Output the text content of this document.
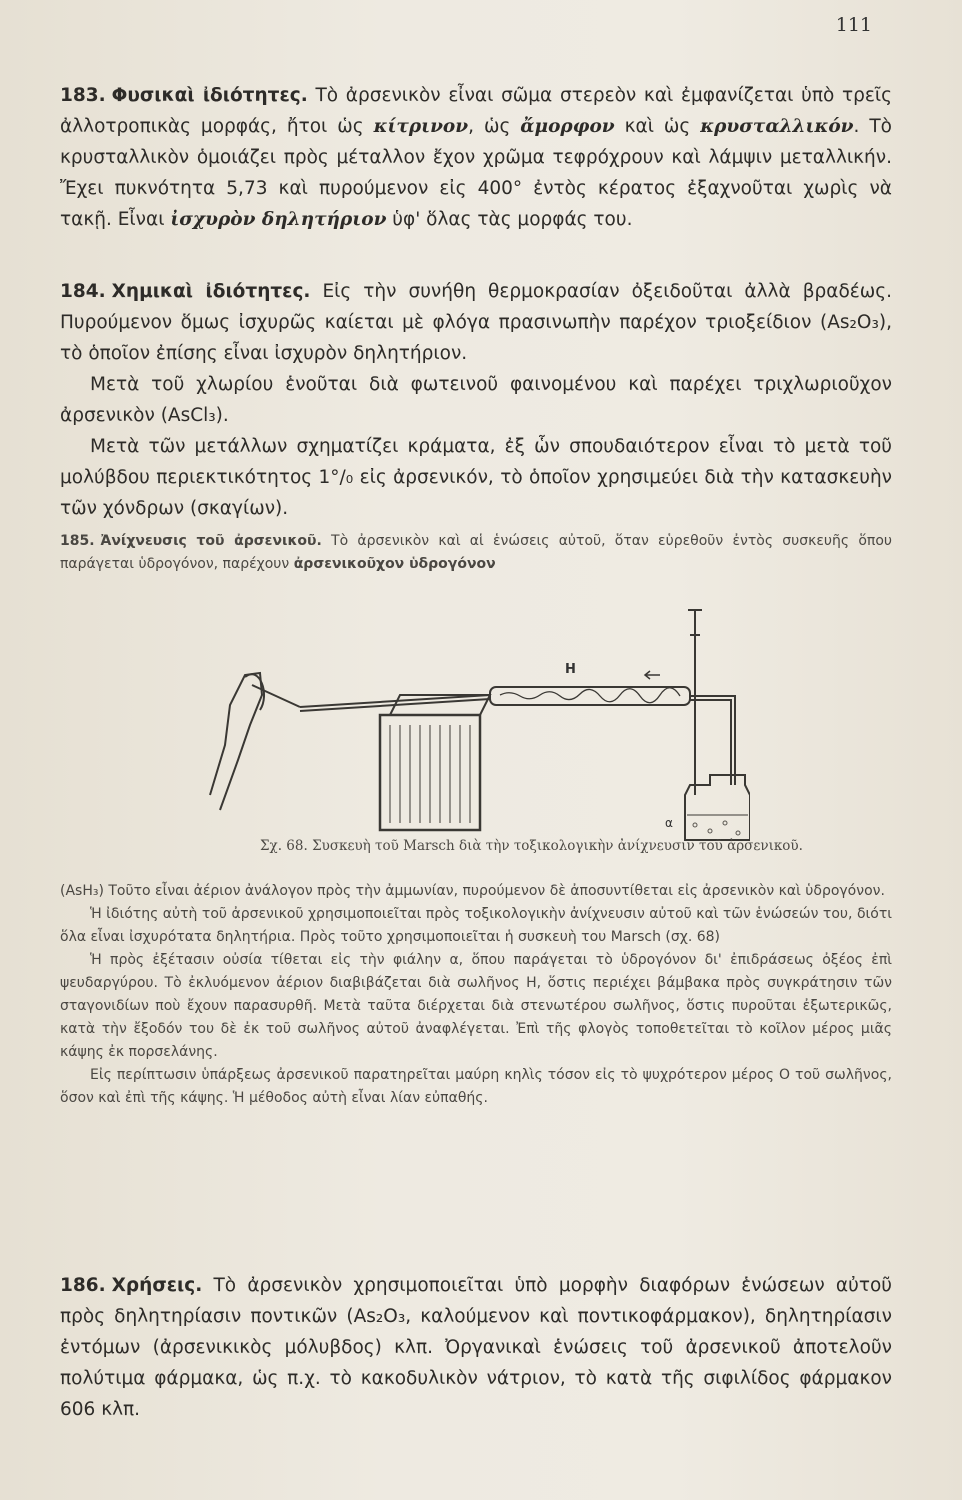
111

183. Φυσικαὶ ἰδιότητες. Τὸ ἀρσενικὸν εἶναι σῶμα στερεὸν καὶ ἐμφανίζεται ὑπὸ τρεῖς ἀλλοτροπικὰς μορφάς, ἤτοι ὡς κίτρινον, ὡς ἄμορφον καὶ ὡς κρυσταλλικόν. Τὸ κρυσταλλικὸν ὁμοιάζει πρὸς μέταλλον ἔχον χρῶμα τεφρόχρουν καὶ λάμψιν μεταλλικήν. Ἔχει πυκνότητα 5,73 καὶ πυρούμενον εἰς 400° ἐντὸς κέρατος ἐξαχνοῦται χωρὶς νὰ τακῇ. Εἶναι ἰσχυρὸν δηλητήριον ὑφ' ὅλας τὰς μορφάς του.

184. Χημικαὶ ἰδιότητες. Εἰς τὴν συνήθη θερμοκρασίαν ὀξειδοῦται ἀλλὰ βραδέως. Πυρούμενον ὅμως ἰσχυρῶς καίεται μὲ φλόγα πρασινωπὴν παρέχον τριοξείδιον (As₂O₃), τὸ ὁποῖον ἐπίσης εἶναι ἰσχυρὸν δηλητήριον.

Μετὰ τοῦ χλωρίου ἑνοῦται διὰ φωτεινοῦ φαινομένου καὶ παρέχει τριχλωριοῦχον ἀρσενικὸν (AsCl₃).

Μετὰ τῶν μετάλλων σχηματίζει κράματα, ἐξ ὧν σπουδαιότερον εἶναι τὸ μετὰ τοῦ μολύβδου περιεκτικότητος 1°/₀ εἰς ἀρσενικόν, τὸ ὁποῖον χρησιμεύει διὰ τὴν κατασκευὴν τῶν χόνδρων (σκαγίων).

185. Ἀνίχνευσις τοῦ ἀρσενικοῦ. Τὸ ἀρσενικὸν καὶ αἱ ἑνώσεις αὐτοῦ, ὅταν εὑρεθοῦν ἐντὸς συσκευῆς ὅπου παράγεται ὑδρογόνον, παρέχουν ἀρσενικοῦχον ὑδρογόνον

Η
α
Σχ. 68. Συσκευὴ τοῦ Marsch διὰ τὴν τοξικολογικὴν ἀνίχνευσιν τοῦ ἀρσενικοῦ.

(AsH₃) Τοῦτο εἶναι ἀέριον ἀνάλογον πρὸς τὴν ἀμμωνίαν, πυρούμενον δὲ ἀποσυντίθεται εἰς ἀρσενικὸν καὶ ὑδρογόνον.

Ἡ ἰδιότης αὐτὴ τοῦ ἀρσενικοῦ χρησιμοποιεῖται πρὸς τοξικολογικὴν ἀνίχνευσιν αὐτοῦ καὶ τῶν ἑνώσεών του, διότι ὅλα εἶναι ἰσχυρότατα δηλητήρια. Πρὸς τοῦτο χρησιμοποιεῖται ἡ συσκευὴ του Marsch (σχ. 68)

Ἡ πρὸς ἐξέτασιν οὐσία τίθεται εἰς τὴν φιάλην α, ὅπου παράγεται τὸ ὑδρογόνον δι' ἐπιδράσεως ὀξέος ἐπὶ ψευδαργύρου. Τὸ ἐκλυόμενον ἀέριον διαβιβάζεται διὰ σωλῆνος Η, ὅστις περιέχει βάμβακα πρὸς συγκράτησιν τῶν σταγονιδίων ποὺ ἔχουν παρασυρθῆ. Μετὰ ταῦτα διέρχεται διὰ στενωτέρου σωλῆνος, ὅστις πυροῦται ἐξωτερικῶς, κατὰ τὴν ἔξοδόν του δὲ ἐκ τοῦ σωλῆνος αὐτοῦ ἀναφλέγεται. Ἐπὶ τῆς φλογὸς τοποθετεῖται τὸ κοῖλον μέρος μιᾶς κάψης ἐκ πορσελάνης.

Εἰς περίπτωσιν ὑπάρξεως ἀρσενικοῦ παρατηρεῖται μαύρη κηλὶς τόσον εἰς τὸ ψυχρότερον μέρος Ο τοῦ σωλῆνος, ὅσον καὶ ἐπὶ τῆς κάψης. Ἡ μέθοδος αὐτὴ εἶναι λίαν εὐπαθής.

186. Χρήσεις. Τὸ ἀρσενικὸν χρησιμοποιεῖται ὑπὸ μορφὴν διαφόρων ἑνώσεων αὐτοῦ πρὸς δηλητηρίασιν ποντικῶν (As₂O₃, καλούμενον καὶ ποντικοφάρμακον), δηλητηρίασιν ἐντόμων (ἀρσενικικὸς μόλυβδος) κλπ. Ὀργανικαὶ ἑνώσεις τοῦ ἀρσενικοῦ ἀποτελοῦν πολύτιμα φάρμακα, ὡς π.χ. τὸ κακοδυλικὸν νάτριον, τὸ κατὰ τῆς σιφιλίδος φάρμακον 606 κλπ.
